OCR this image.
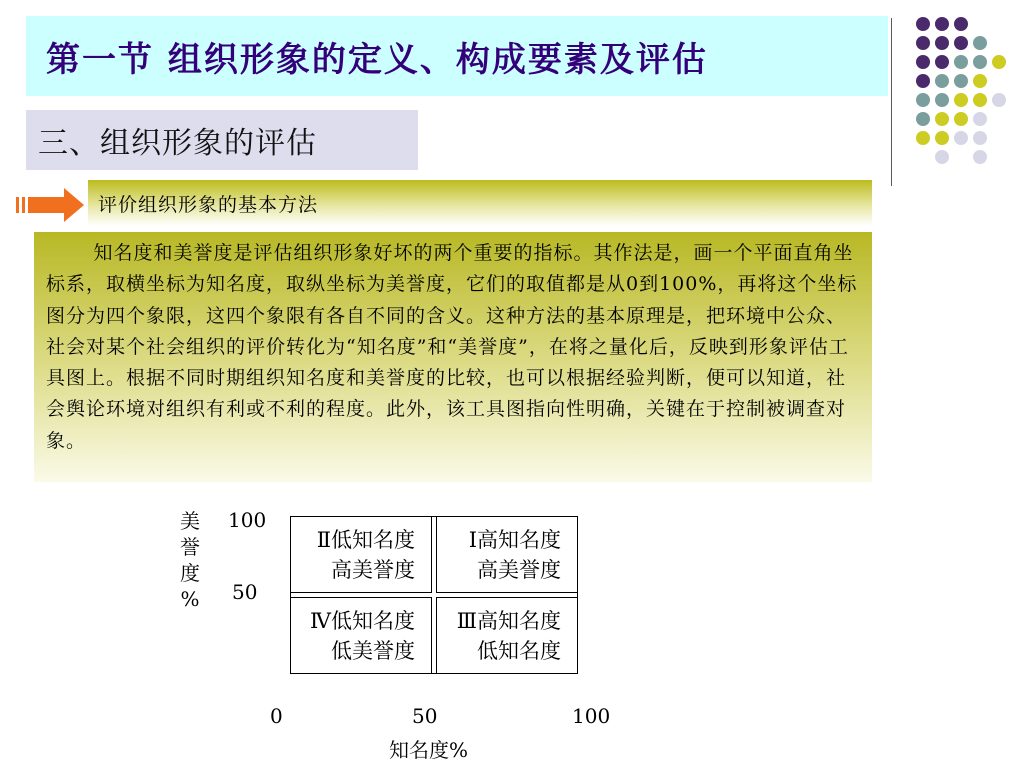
第一节 组织形象的定义、构成要素及评估
三、组织形象的评估
评价组织形象的基本方法

知名度和美誉度是评估组织形象好坏的两个重要的指标。其作法是，画一个平面直角坐标系，取横坐标为知名度，取纵坐标为美誉度，它们的取值都是从0到100%，再将这个坐标图分为四个象限，这四个象限有各自不同的含义。这种方法的基本原理是，把环境中公众、社会对某个社会组织的评价转化为“知名度”和“美誉度”，在将之量化后，反映到形象评估工具图上。根据不同时期组织知名度和美誉度的比较，也可以根据经验判断，便可以知道，社会舆论环境对组织有利或不利的程度。此外，该工具图指向性明确，关键在于控制被调查对象。

美
誉
度
%
100
50
Ⅱ低知名度
高美誉度
Ⅰ高知名度
高美誉度
Ⅳ低知名度
低美誉度
Ⅲ高知名度
低知名度
0	50	100
知名度%
